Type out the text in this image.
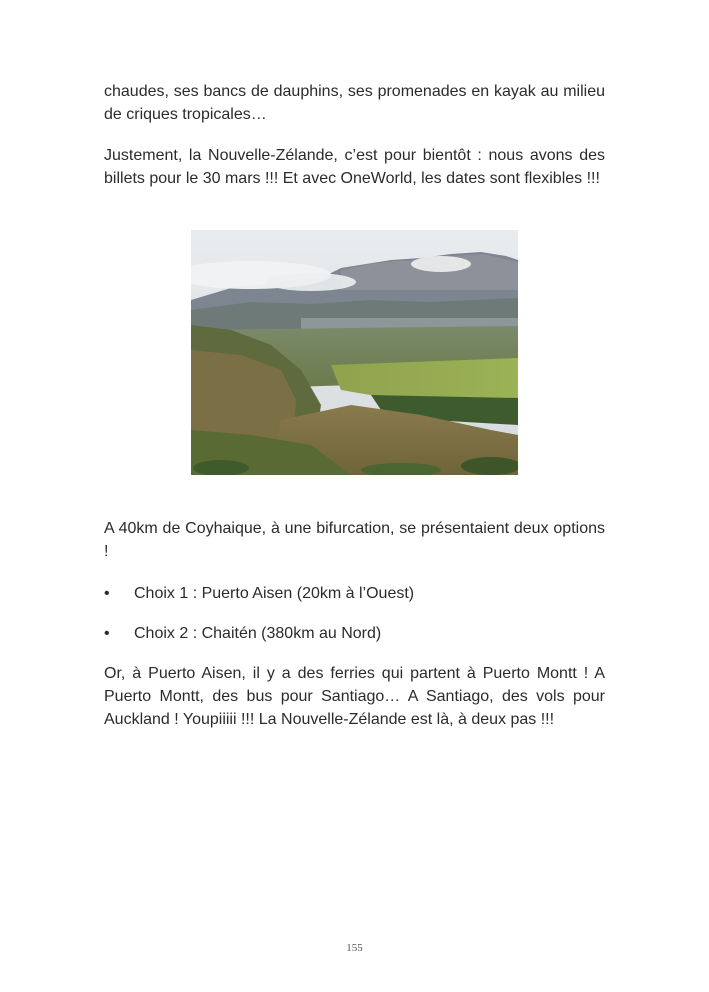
chaudes, ses bancs de dauphins, ses promenades en kayak au milieu de criques tropicales…

Justement, la Nouvelle-Zélande, c’est pour bientôt : nous avons des billets pour le 30 mars !!! Et avec OneWorld, les dates sont flexibles !!!

A 40km de Coyhaique, à une bifurcation, se présentaient deux options !

• Choix 1 : Puerto Aisen (20km à l’Ouest)
• Choix 2 : Chaitén (380km au Nord)

Or, à Puerto Aisen, il y a des ferries qui partent à Puerto Montt ! A Puerto Montt, des bus pour Santiago… A Santiago, des vols pour Auckland ! Youpiiiii !!! La Nouvelle-Zélande est là, à deux pas !!!

155
